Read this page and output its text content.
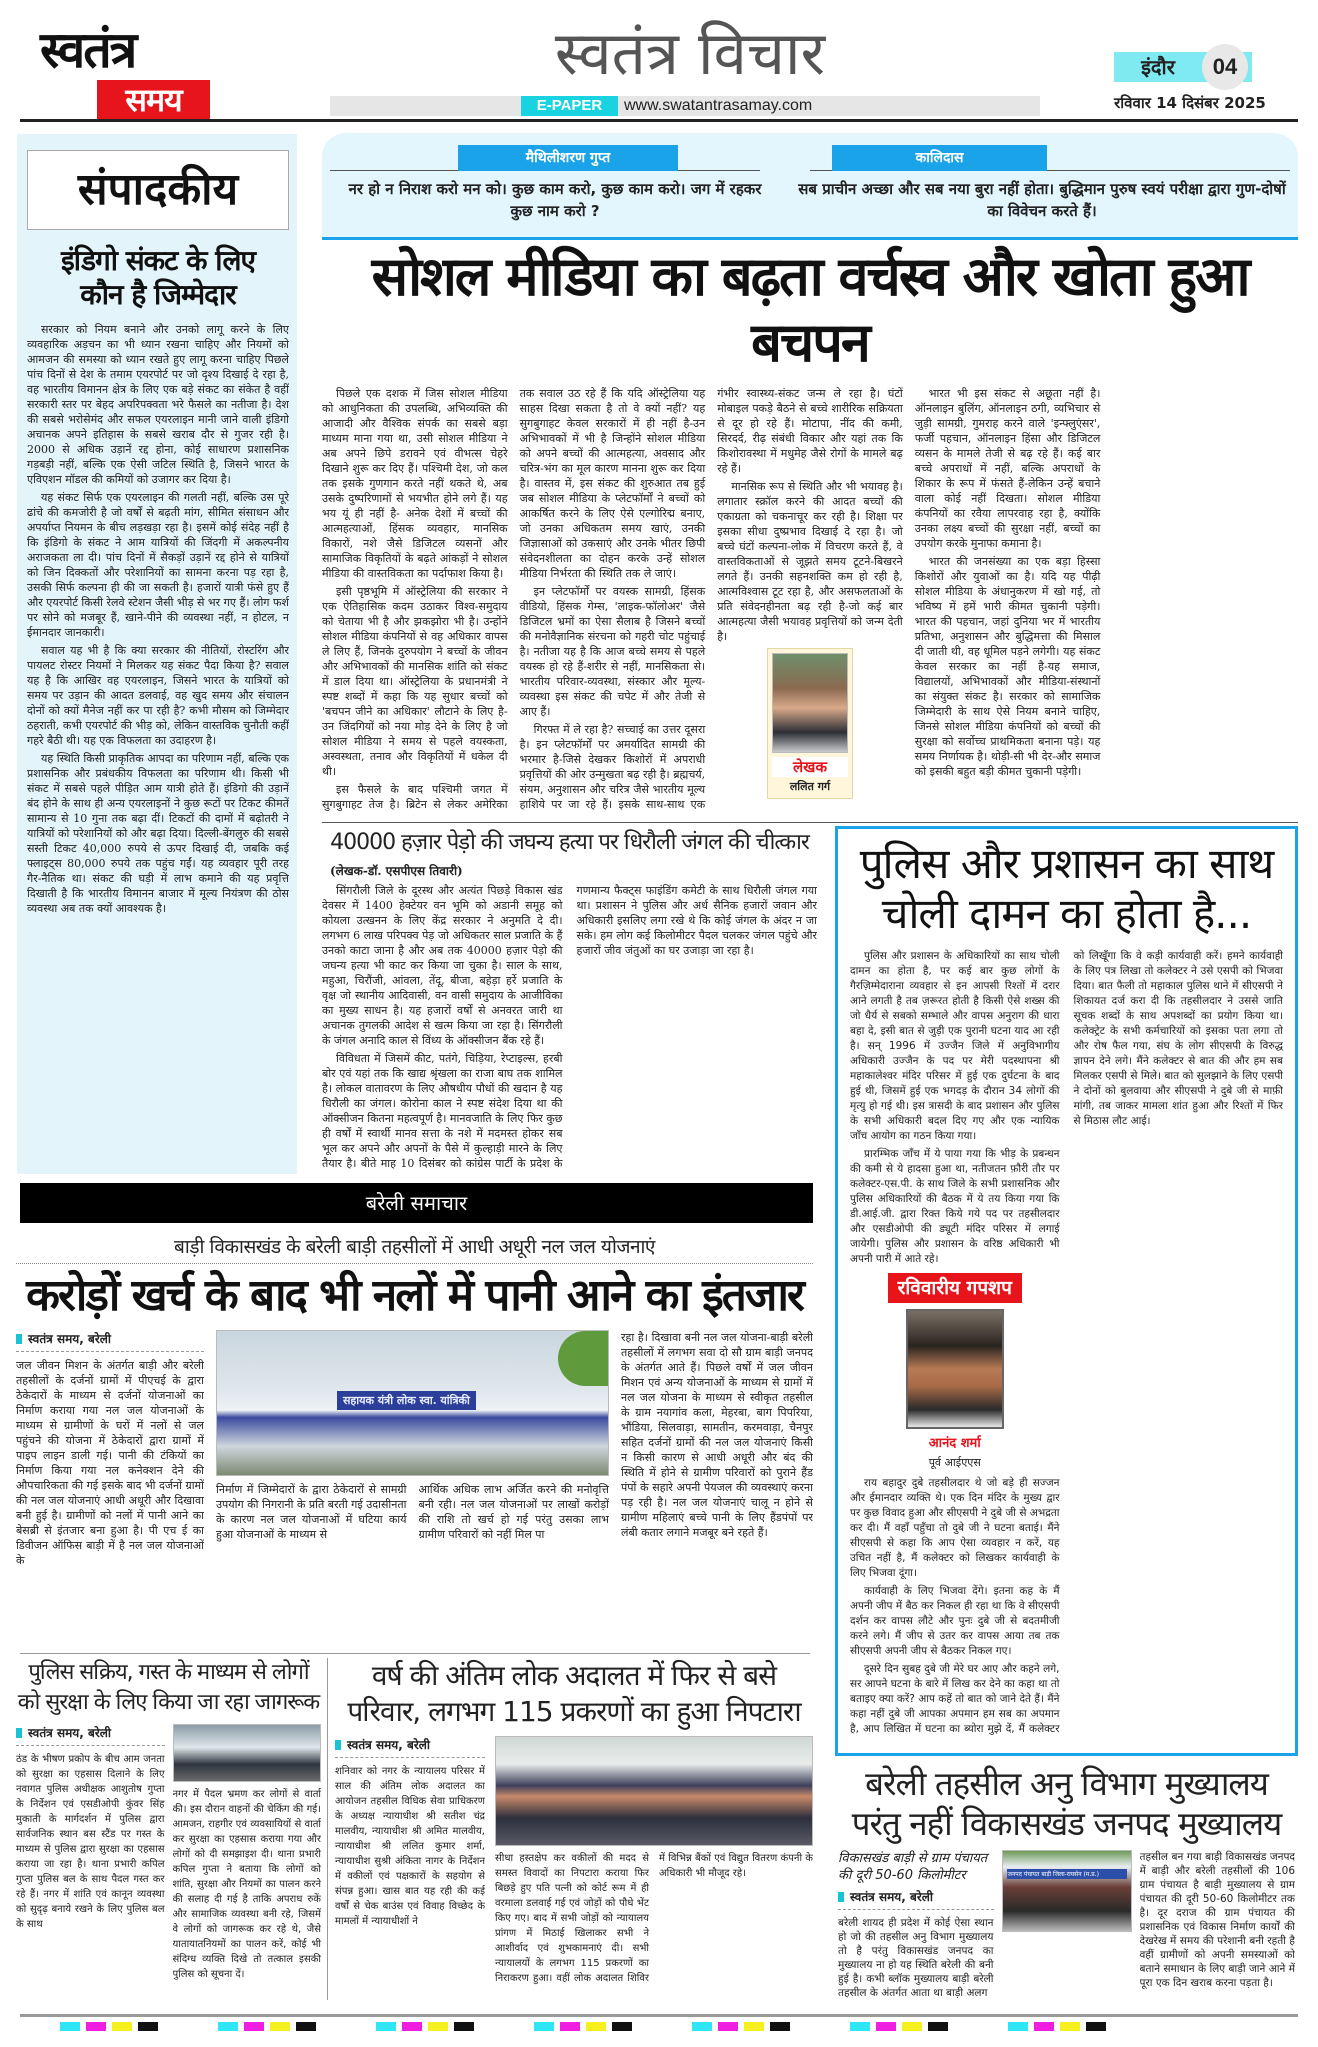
स्वतंत्र
समय
स्वतंत्र विचार
E-PAPER	www.swatantrasamay.com
इंदौर	04
रविवार 14 दिसंबर 2025
संपादकीय
इंडिगो संकट के लिए कौन है जिम्मेदार

सरकार को नियम बनाने और उनको लागू करने के लिए व्यवहारिक अड़चन का भी ध्यान रखना चाहिए और नियमों को आमजन की समस्या को ध्यान रखते हुए लागू करना चाहिए पिछले पांच दिनों से देश के तमाम एयरपोर्ट पर जो दृश्य दिखाई दे रहा है, वह भारतीय विमानन क्षेत्र के लिए एक बड़े संकट का संकेत है वहीं सरकारी स्तर पर बेहद अपरिपक्वता भरे फैसले का नतीजा है। देश की सबसे भरोसेमंद और सफल एयरलाइन मानी जाने वाली इंडिगो अचानक अपने इतिहास के सबसे खराब दौर से गुजर रही है। 2000 से अधिक उड़ानें रद्द होना, कोई साधारण प्रशासनिक गड़बड़ी नहीं, बल्कि एक ऐसी जटिल स्थिति है, जिसने भारत के एविएशन मॉडल की कमियों को उजागर कर दिया है।

यह संकट सिर्फ एक एयरलाइन की गलती नहीं, बल्कि उस पूरे ढांचे की कमजोरी है जो वर्षों से बढ़ती मांग, सीमित संसाधन और अपर्याप्त नियमन के बीच लड़खड़ा रहा है। इसमें कोई संदेह नहीं है कि इंडिगो के संकट ने आम यात्रियों की जिंदगी में अकल्पनीय अराजकता ला दी। पांच दिनों में सैकड़ों उड़ानें रद्द होने से यात्रियों को जिन दिक्कतों और परेशानियों का सामना करना पड़ रहा है, उसकी सिर्फ कल्पना ही की जा सकती है। हजारों यात्री फंसे हुए हैं और एयरपोर्ट किसी रेलवे स्टेशन जैसी भीड़ से भर गए हैं। लोग फर्श पर सोने को मजबूर हैं, खाने-पीने की व्यवस्था नहीं, न होटल, न ईमानदार जानकारी।

सवाल यह भी है कि क्या सरकार की नीतियों, रोस्टरिंग और पायलट रोस्टर नियमों ने मिलकर यह संकट पैदा किया है? सवाल यह है कि आखिर वह एयरलाइन, जिसने भारत के यात्रियों को समय पर उड़ान की आदत डलवाई, वह खुद समय और संचालन दोनों को क्यों मैनेज नहीं कर पा रही है? कभी मौसम को जिम्मेदार ठहराती, कभी एयरपोर्ट की भीड़ को, लेकिन वास्तविक चुनौती कहीं गहरे बैठी थी। यह एक विफलता का उदाहरण है।

यह स्थिति किसी प्राकृतिक आपदा का परिणाम नहीं, बल्कि एक प्रशासनिक और प्रबंधकीय विफलता का परिणाम थी। किसी भी संकट में सबसे पहले पीड़ित आम यात्री होते हैं। इंडिगो की उड़ानें बंद होने के साथ ही अन्य एयरलाइनों ने कुछ रूटों पर टिकट कीमतें सामान्य से 10 गुना तक बढ़ा दीं। टिकटों की दामों में बढ़ोतरी ने यात्रियों को परेशानियों को और बढ़ा दिया। दिल्ली-बेंगलुरु की सबसे सस्ती टिकट 40,000 रुपये से ऊपर दिखाई दी, जबकि कई फ्लाइट्स 80,000 रुपये तक पहुंच गईं। यह व्यवहार पूरी तरह गैर-नैतिक था। संकट की घड़ी में लाभ कमाने की यह प्रवृत्ति दिखाती है कि भारतीय विमानन बाजार में मूल्य नियंत्रण की ठोस व्यवस्था अब तक क्यों आवश्यक है।

मैथिलीशरण गुप्त
नर हो न निराश करो मन को। कुछ काम करो, कुछ काम करो। जग में रहकर कुछ नाम करो ?
कालिदास
सब प्राचीन अच्छा और सब नया बुरा नहीं होता। बुद्धिमान पुरुष स्वयं परीक्षा द्वारा गुण-दोषों का विवेचन करते हैं।
सोशल मीडिया का बढ़ता वर्चस्व और खोता हुआ बचपन

पिछले एक दशक में जिस सोशल मीडिया को आधुनिकता की उपलब्धि, अभिव्यक्ति की आजादी और वैश्विक संपर्क का सबसे बड़ा माध्यम माना गया था, उसी सोशल मीडिया ने अब अपने छिपे डरावने एवं वीभत्स चेहरे दिखाने शुरू कर दिए हैं। पश्चिमी देश, जो कल तक इसके गुणगान करते नहीं थकते थे, अब उसके दुष्परिणामों से भयभीत होने लगे हैं। यह भय यूं ही नहीं है- अनेक देशों में बच्चों की आत्महत्याओं, हिंसक व्यवहार, मानसिक विकारों, नशे जैसे डिजिटल व्यसनों और सामाजिक विकृतियों के बढ़ते आंकड़ों ने सोशल मीडिया की वास्तविकता का पर्दाफाश किया है।

इसी पृष्ठभूमि में ऑस्ट्रेलिया की सरकार ने एक ऐतिहासिक कदम उठाकर विश्व-समुदाय को चेताया भी है और झकझोरा भी है। उन्होंने सोशल मीडिया कंपनियों से वह अधिकार वापस ले लिए हैं, जिनके दुरुपयोग ने बच्चों के जीवन और अभिभावकों की मानसिक शांति को संकट में डाल दिया था। ऑस्ट्रेलिया के प्रधानमंत्री ने स्पष्ट शब्दों में कहा कि यह सुधार बच्चों को 'बचपन जीने का अधिकार' लौटाने के लिए है- उन जिंदगियों को नया मोड़ देने के लिए है जो सोशल मीडिया ने समय से पहले वयस्कता, अस्वस्थता, तनाव और विकृतियों में धकेल दी थी।

इस फैसले के बाद पश्चिमी जगत में सुगबुगाहट तेज है। ब्रिटेन से लेकर अमेरिका तक सवाल उठ रहे हैं कि यदि ऑस्ट्रेलिया यह साहस दिखा सकता है तो वे क्यों नहीं? यह सुगबुगाहट केवल सरकारों में ही नहीं है-उन अभिभावकों में भी है जिन्होंने सोशल मीडिया को अपने बच्चों की आत्महत्या, अवसाद और चरित्र-भंग का मूल कारण मानना शुरू कर दिया है। वास्तव में, इस संकट की शुरुआत तब हुई जब सोशल मीडिया के प्लेटफॉर्मों ने बच्चों को आकर्षित करने के लिए ऐसे एल्गोरिद्म बनाए, जो उनका अधिकतम समय खाएं, उनकी जिज्ञासाओं को उकसाएं और उनके भीतर छिपी संवेदनशीलता का दोहन करके उन्हें सोशल मीडिया निर्भरता की स्थिति तक ले जाएं।

इन प्लेटफॉर्मों पर वयस्क सामग्री, हिंसक वीडियो, हिंसक गेम्स, 'लाइक-फॉलोअर' जैसे डिजिटल भ्रमों का ऐसा सैलाब है जिसने बच्चों की मनोवैज्ञानिक संरचना को गहरी चोट पहुंचाई है। नतीजा यह है कि आज बच्चे समय से पहले वयस्क हो रहे हैं-शरीर से नहीं, मानसिकता से। भारतीय परिवार-व्यवस्था, संस्कार और मूल्य-व्यवस्था इस संकट की चपेट में और तेजी से आए हैं।

गिरफ्त में ले रहा है? सच्चाई का उत्तर दूसरा है। इन प्लेटफॉर्मों पर अमर्यादित सामग्री की भरमार है-जिसे देखकर किशोरों में अपराधी प्रवृत्तियों की ओर उन्मुखता बढ़ रही है। ब्रह्मचर्य, संयम, अनुशासन और चरित्र जैसे भारतीय मूल्य हाशिये पर जा रहे हैं। इसके साथ-साथ एक गंभीर स्वास्थ्य-संकट जन्म ले रहा है। घंटों मोबाइल पकड़े बैठने से बच्चे शारीरिक सक्रियता से दूर हो रहे हैं। मोटापा, नींद की कमी, सिरदर्द, रीढ़ संबंधी विकार और यहां तक कि किशोरावस्था में मधुमेह जैसे रोगों के मामले बढ़ रहे हैं।

मानसिक रूप से स्थिति और भी भयावह है। लगातार स्क्रॉल करने की आदत बच्चों की एकाग्रता को चकनाचूर कर रही है। शिक्षा पर इसका सीधा दुष्प्रभाव दिखाई दे रहा है। जो बच्चे घंटों कल्पना-लोक में विचरण करते हैं, वे वास्तविकताओं से जूझते समय टूटने-बिखरने लगते हैं। उनकी सहनशक्ति कम हो रही है, आत्मविश्वास टूट रहा है, और असफलताओं के प्रति संवेदनहीनता बढ़ रही है-जो कई बार आत्महत्या जैसी भयावह प्रवृत्तियों को जन्म देती है।

लेखक
ललित गर्ग

भारत भी इस संकट से अछूता नहीं है। ऑनलाइन बुलिंग, ऑनलाइन ठगी, व्यभिचार से जुड़ी सामग्री, गुमराह करने वाले 'इन्फ्लुएंसर', फर्जी पहचान, ऑनलाइन हिंसा और डिजिटल व्यसन के मामले तेजी से बढ़ रहे हैं। कई बार बच्चे अपराधों में नहीं, बल्कि अपराधों के शिकार के रूप में फंसते हैं-लेकिन उन्हें बचाने वाला कोई नहीं दिखता। सोशल मीडिया कंपनियों का रवैया लापरवाह रहा है, क्योंकि उनका लक्ष्य बच्चों की सुरक्षा नहीं, बच्चों का उपयोग करके मुनाफा कमाना है।

भारत की जनसंख्या का एक बड़ा हिस्सा किशोरों और युवाओं का है। यदि यह पीढ़ी सोशल मीडिया के अंधानुकरण में खो गई, तो भविष्य में हमें भारी कीमत चुकानी पड़ेगी। भारत की पहचान, जहां दुनिया भर में भारतीय प्रतिभा, अनुशासन और बुद्धिमत्ता की मिसाल दी जाती थी, वह धूमिल पड़ने लगेगी। यह संकट केवल सरकार का नहीं है-यह समाज, विद्यालयों, अभिभावकों और मीडिया-संस्थानों का संयुक्त संकट है। सरकार को सामाजिक जिम्मेदारी के साथ ऐसे नियम बनाने चाहिए, जिनसे सोशल मीडिया कंपनियों को बच्चों की सुरक्षा को सर्वोच्च प्राथमिकता बनाना पड़े। यह समय निर्णायक है। थोड़ी-सी भी देर-और समाज को इसकी बहुत बड़ी कीमत चुकानी पड़ेगी।

40000 हज़ार पेड़ो की जघन्य हत्या पर धिरौली जंगल की चीत्कार
(लेखक-डॉ. एसपीएस तिवारी)

सिंगरौली जिले के दूरस्थ और अत्यंत पिछड़े विकास खंड देवसर में 1400 हेक्टेयर वन भूमि को अडानी समूह को कोयला उत्खनन के लिए केंद्र सरकार ने अनुमति दे दी। लगभग 6 लाख परिपक्व पेड़ जो अधिकतर साल प्रजाति के हैं उनको काटा जाना है और अब तक 40000 हज़ार पेड़ो की जघन्य हत्या भी काट कर किया जा चुका है। साल के साथ, महुआ, चिरौंजी, आंवला, तेंदू, बीजा, बहेड़ा हर्रे प्रजाति के वृक्ष जो स्थानीय आदिवासी, वन वासी समुदाय के आजीविका का मुख्य साधन है। यह हजारों वर्षों से अनवरत जारी था अचानक तुगलकी आदेश से खत्म किया जा रहा है। सिंगरौली के जंगल अनादि काल से विंध्य के ऑक्सीजन बैंक रहे हैं।

विविधता में जिसमें कीट, पतंगे, चिड़िया, रेप्टाइल्स, हरबी बोर एवं यहां तक कि खाद्य श्रृंखला का राजा बाघ तक शामिल है। लोकल वातावरण के लिए औषधीय पौधों की खदान है यह धिरौली का जंगल। कोरोना काल ने स्पष्ट संदेश दिया था की ऑक्सीजन कितना महत्वपूर्ण है। मानवजाति के लिए फिर कुछ ही वर्षों में स्वार्थी मानव सत्ता के नशे में मदमस्त होकर सब भूल कर अपने और अपनों के पैसे में कुल्हाड़ी मारने के लिए तैयार है। बीते माह 10 दिसंबर को कांग्रेस पार्टी के प्रदेश के गणमान्य फैक्ट्स फाइंडिंग कमेटी के साथ धिरौली जंगल गया था। प्रशासन ने पुलिस और अर्ध सैनिक हजारों जवान और अधिकारी इसलिए लगा रखे थे कि कोई जंगल के अंदर न जा सके। हम लोग कई किलोमीटर पैदल चलकर जंगल पहुंचे और हजारों जीव जंतुओं का घर उजाड़ा जा रहा है।

पुलिस और प्रशासन का साथ चोली दामन का होता है...

पुलिस और प्रशासन के अधिकारियों का साथ चोली दामन का होता है, पर कई बार कुछ लोगों के गैरज़िम्मेदाराना व्यवहार से इन आपसी रिश्तों में दरार आने लगती है तब ज़रूरत होती है किसी ऐसे शख्स की जो धैर्य से सबको सम्भाले और वापस अनुराग की धारा बहा दे, इसी बात से जुड़ी एक पुरानी घटना याद आ रही है। सन् 1996 में उज्जैन जिले में अनुविभागीय अधिकारी उज्जैन के पद पर मेरी पदस्थापना श्री महाकालेश्वर मंदिर परिसर में हुई एक दुर्घटना के बाद हुई थी, जिसमें हुई एक भगदड़ के दौरान 34 लोगों की मृत्यु हो गई थी। इस त्रासदी के बाद प्रशासन और पुलिस के सभी अधिकारी बदल दिए गए और एक न्यायिक जाँच आयोग का गठन किया गया।

प्रारम्भिक जाँच में ये पाया गया कि भीड़ के प्रबन्धन की कमी से ये हादसा हुआ था, नतीजतन फ़ौरी तौर पर कलेक्टर-एस.पी. के साथ जिले के सभी प्रशासनिक और पुलिस अधिकारियों की बैठक में ये तय किया गया कि डी.आई.जी. द्वारा रिक्त किये गये पद पर तहसीलदार और एसडीओपी की ड्यूटी मंदिर परिसर में लगाई जायेगी। पुलिस और प्रशासन के वरिष्ठ अधिकारी भी अपनी पारी में आते रहे।

रविवारीय गपशप
आनंद शर्मा
पूर्व आईएएस

राय बहादुर दुबे तहसीलदार थे जो बड़े ही सज्जन और ईमानदार व्यक्ति थे। एक दिन मंदिर के मुख्य द्वार पर कुछ विवाद हुआ और सीएसपी ने दुबे जी से अभद्रता कर दी। मैं वहाँ पहुँचा तो दुबे जी ने घटना बताई। मैंने सीएसपी से कहा कि आप ऐसा व्यवहार न करें, यह उचित नहीं है, मैं कलेक्टर को लिखकर कार्यवाही के लिए भिजवा दूंगा।

कार्यवाही के लिए भिजवा देंगे। इतना कह के मैं अपनी जीप में बैठ कर निकल ही रहा था कि वे सीएसपी दर्शन कर वापस लौटे और पुनः दुबे जी से बदतमीजी करने लगे। मैं जीप से उतर कर वापस आया तब तक सीएसपी अपनी जीप से बैठकर निकल गए।

दूसरे दिन सुबह दुबे जी मेरे घर आए और कहने लगे, सर आपने घटना के बारे में लिख कर देने का कहा था तो बताइए क्या करें? आप कहें तो बात को जाने देते हैं। मैंने कहा नहीं दुबे जी आपका अपमान हम सब का अपमान है, आप लिखित में घटना का ब्योरा मुझे दें, मैं कलेक्टर को लिखूँगा कि वे कड़ी कार्यवाही करें। हमने कार्यवाही के लिए पत्र लिखा तो कलेक्टर ने उसे एसपी को भिजवा दिया। बात फैली तो महाकाल पुलिस थाने में सीएसपी ने शिकायत दर्ज करा दी कि तहसीलदार ने उससे जाति सूचक शब्दों के साथ अपशब्दों का प्रयोग किया था। कलेक्ट्रेट के सभी कर्मचारियों को इसका पता लगा तो और रोष फैल गया, संघ के लोग सीएसपी के विरुद्ध ज्ञापन देने लगे। मैंने कलेक्टर से बात की और हम सब मिलकर एसपी से मिले। बात को सुलझाने के लिए एसपी ने दोनों को बुलवाया और सीएसपी ने दुबे जी से माफ़ी मांगी, तब जाकर मामला शांत हुआ और रिश्तों में फिर से मिठास लौट आई।

बरेली समाचार
बाड़ी विकासखंड के बरेली बाड़ी तहसीलों में आधी अधूरी नल जल योजनाएं
करोड़ों खर्च के बाद भी नलों में पानी आने का इंतजार
स्वतंत्र समय, बरेली
जल जीवन मिशन के अंतर्गत बाड़ी और बरेली तहसीलों के दर्जनों ग्रामों में पीएचई के द्वारा ठेकेदारों के माध्यम से दर्जनों योजनाओं का निर्माण कराया गया नल जल योजनाओं के माध्यम से ग्रामीणों के घरों में नलों से जल पहुंचने की योजना में ठेकेदारों द्वारा ग्रामों में पाइप लाइन डाली गई। पानी की टंकियों का निर्माण किया गया नल कनेक्शन देने की औपचारिकता की गई इसके बाद भी दर्जनों ग्रामों की नल जल योजनाएं आधी अधूरी और दिखावा बनी हुई है। ग्रामीणों को नलों में पानी आने का बेसब्री से इंतजार बना हुआ है। पी एच ई का डिवीजन ऑफिस बाड़ी में है नल जल योजनाओं के
सहायक यंत्री लोक स्वा. यांत्रिकी
निर्माण में जिम्मेदारों के द्वारा ठेकेदारों से सामग्री उपयोग की निगरानी के प्रति बरती गई उदासीनता के कारण नल जल योजनाओं में घटिया कार्य हुआ योजनाओं के माध्यम से
आर्थिक अधिक लाभ अर्जित करने की मनोवृत्ति बनी रही। नल जल योजनाओं पर लाखों करोड़ों की राशि तो खर्च हो गई परंतु उसका लाभ ग्रामीण परिवारों को नहीं मिल पा
रहा है। दिखावा बनी नल जल योजना-बाड़ी बरेली तहसीलों में लगभग सवा दो सौ ग्राम बाड़ी जनपद के अंतर्गत आते हैं। पिछले वर्षों में जल जीवन मिशन एवं अन्य योजनाओं के माध्यम से ग्रामों में नल जल योजना के माध्यम से स्वीकृत तहसील के ग्राम नयागांव कला, मेहरबा, बाग पिपरिया, भौंडिया, सिलवाड़ा, सामतीन, करमवाड़ा, चैनपुर सहित दर्जनों ग्रामों की नल जल योजनाएं किसी न किसी कारण से आधी अधूरी और बंद की स्थिति में होने से ग्रामीण परिवारों को पुराने हैंड पंपों के सहारे अपनी पेयजल की व्यवस्थाएं करना पड़ रही है। नल जल योजनाएं चालू न होने से ग्रामीण महिलाएं बच्चे पानी के लिए हैंडपंपों पर लंबी कतार लगाने मजबूर बने रहते हैं।
पुलिस सक्रिय, गस्त के माध्यम से लोगों को सुरक्षा के लिए किया जा रहा जागरूक
स्वतंत्र समय, बरेली
ठंड के भीषण प्रकोप के बीच आम जनता को सुरक्षा का एहसास दिलाने के लिए नवागत पुलिस अधीक्षक आशुतोष गुप्ता के निर्देशन एवं एसडीओपी कुंवर सिंह मुकाती के मार्गदर्शन में पुलिस द्वारा सार्वजनिक स्थान बस स्टैंड पर गस्त के माध्यम से पुलिस द्वारा सुरक्षा का एहसास कराया जा रहा है। थाना प्रभारी कपिल गुप्ता पुलिस बल के साथ पैदल गस्त कर रहे हैं। नगर में शांति एवं कानून व्यवस्था को सुदृढ़ बनाये रखने के लिए पुलिस बल के साथ
नगर में पैदल भ्रमण कर लोगों से वार्ता की। इस दौरान वाहनों की चेकिंग की गई। आमजन, राहगीर एवं व्यवसायियों से वार्ता कर सुरक्षा का एहसास कराया गया और लोगों को दी समझाइश दी। थाना प्रभारी कपिल गुप्ता ने बताया कि लोगों को शांति, सुरक्षा और नियमों का पालन करने की सलाह दी गई है ताकि अपराध रुकें और सामाजिक व्यवस्था बनी रहे, जिसमें वे लोगों को जागरूक कर रहे थे, जैसे यातायातनियमों का पालन करें, कोई भी संदिग्ध व्यक्ति दिखे तो तत्काल इसकी पुलिस को सूचना दें।
वर्ष की अंतिम लोक अदालत में फिर से बसे परिवार, लगभग 115 प्रकरणों का हुआ निपटारा
स्वतंत्र समय, बरेली
शनिवार को नगर के न्यायालय परिसर में साल की अंतिम लोक अदालत का आयोजन तहसील विधिक सेवा प्राधिकरण के अध्यक्ष न्यायाधीश श्री सतीश चंद्र मालवीय, न्यायाधीश श्री अमित मालवीय, न्यायाधीश श्री ललित कुमार शर्मा, न्यायाधीश सुश्री अंकिता नागर के निर्देशन में वकीलों एवं पक्षकारों के सहयोग से संपन्न हुआ। खास बात यह रही की कई वर्षों से चेक बाउंस एवं विवाह विच्छेद के मामलों में न्यायाधीशों ने
सीधा हस्तक्षेप कर वकीलों की मदद से समस्त विवादों का निपटारा कराया फिर बिछड़े हुए पति पत्नी को कोर्ट रूम में ही वरमाला डलवाई गई एवं जोड़ों को पौधे भेंट किए गए। बाद में सभी जोड़ों को न्यायालय प्रांगण में मिठाई खिलाकर सभी ने आशीर्वाद एवं शुभकामनाएं दी। सभी न्यायालयों के लगभग 115 प्रकरणों का निराकरण हुआ। वहीं लोक अदालत शिविर में विभिन्न बैंकों एवं विद्युत वितरण कंपनी के अधिकारी भी मौजूद रहे।
बरेली तहसील अनु विभाग मुख्यालय परंतु नहीं विकासखंड जनपद मुख्यालय
विकासखंड बाड़ी से ग्राम पंचायत की दूरी 50-60 किलोमीटर
स्वतंत्र समय, बरेली
बरेली शायद ही प्रदेश में कोई ऐसा स्थान हो जो की तहसील अनु विभाग मुख्यालय तो है परंतु विकासखंड जनपद का मुख्यालय ना हो यह स्थिति बरेली की बनी हुई है। कभी ब्लॉक मुख्यालय बाड़ी बरेली तहसील के अंतर्गत आता था बाड़ी अलग
जनपद पंचायत बाड़ी जिला-रायसेन (म.प्र.)
तहसील बन गया बाड़ी विकासखंड जनपद में बाड़ी और बरेली तहसीलों की 106 ग्राम पंचायत है बाड़ी मुख्यालय से ग्राम पंचायत की दूरी 50-60 किलोमीटर तक है। दूर दराज की ग्राम पंचायत की प्रशासनिक एवं विकास निर्माण कार्यों की देखरेख में समय की परेशानी बनी रहती है वहीं ग्रामीणों को अपनी समस्याओं को बताने समाधान के लिए बाड़ी जाने आने में पूरा एक दिन खराब करना पड़ता है।
